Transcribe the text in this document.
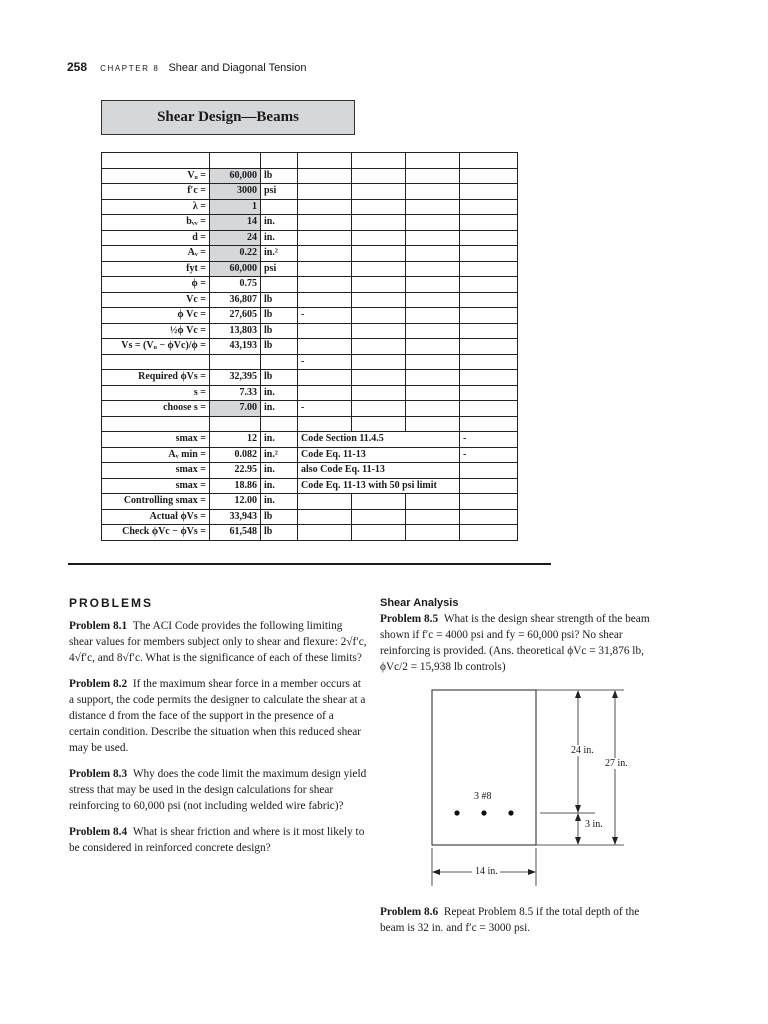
258 CHAPTER 8 Shear and Diagonal Tension
Shear Design—Beams

Vᵤ =	60,000	lb				
f′c =	3000	psi				
λ =	1					
bᵥᵥ =	14	in.				
d =	24	in.				
Aᵥ =	0.22	in.²				
fyt =	60,000	psi				
ϕ =	0.75					
Vc =	36,807	lb				
ϕ Vc =	27,605	lb	-			
½ϕ Vc =	13,803	lb				
Vs = (Vᵤ − ϕVc)/ϕ =	43,193	lb				
			-			
Required ϕVs =	32,395	lb				
s =	7.33	in.				
choose s =	7.00	in.	-			

smax =	12	in.	Code Section 11.4.5			-
Aᵥ min =	0.082	in.²	Code Eq. 11-13			-
smax =	22.95	in.	also Code Eq. 11-13			
smax =	18.86	in.	Code Eq. 11-13 with 50 psi limit			
Controlling smax =	12.00	in.				
Actual ϕVs =	33,943	lb				
Check ϕVc − ϕVs =	61,548	lb				
PROBLEMS

Problem 8.1 The ACI Code provides the following limiting shear values for members subject only to shear and flexure: 2√f′c, 4√f′c, and 8√f′c. What is the significance of each of these limits?

Problem 8.2 If the maximum shear force in a member occurs at a support, the code permits the designer to calculate the shear at a distance d from the face of the support in the presence of a certain condition. Describe the situation when this reduced shear may be used.

Problem 8.3 Why does the code limit the maximum design yield stress that may be used in the design calculations for shear reinforcing to 60,000 psi (not including welded wire fabric)?

Problem 8.4 What is shear friction and where is it most likely to be considered in reinforced concrete design?

Shear Analysis

Problem 8.5 What is the design shear strength of the beam shown if f′c = 4000 psi and fy = 60,000 psi? No shear reinforcing is provided. (Ans. theoretical ϕVc = 31,876 lb, ϕVc/2 = 15,938 lb controls)

24 in.
27 in.
3 #8
3 in.
14 in.

Problem 8.6 Repeat Problem 8.5 if the total depth of the beam is 32 in. and f′c = 3000 psi.
